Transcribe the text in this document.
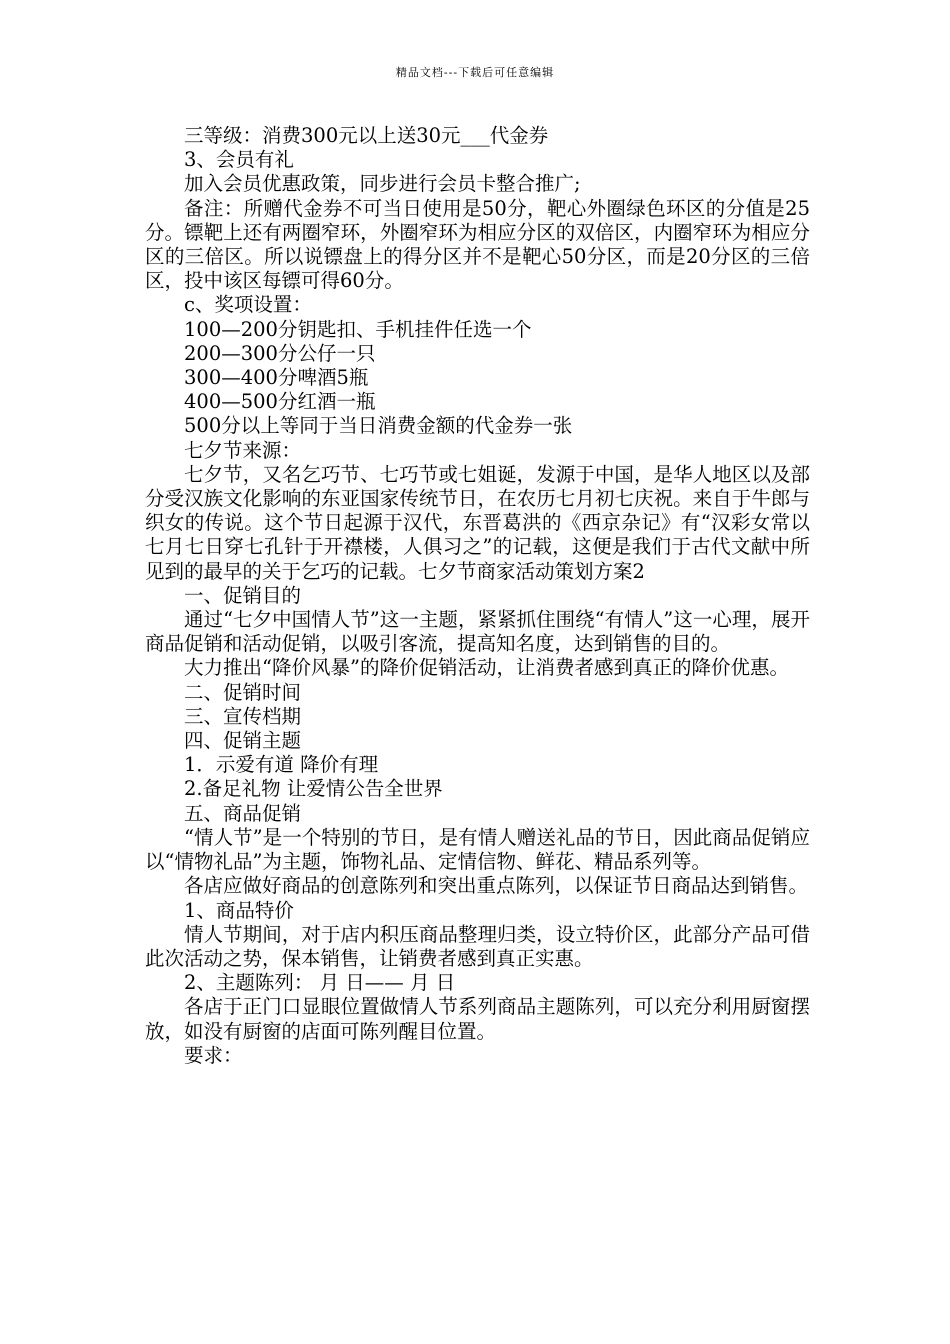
精品文档---下载后可任意编辑

三等级：消费300元以上送30元___代金券

3、会员有礼

加入会员优惠政策，同步进行会员卡整合推广;

备注：所赠代金券不可当日使用是50分，靶心外圈绿色环区的分值是25分。镖靶上还有两圈窄环，外圈窄环为相应分区的双倍区，内圈窄环为相应分区的三倍区。所以说镖盘上的得分区并不是靶心50分区，而是20分区的三倍区，投中该区每镖可得60分。

c、奖项设置：

100—200分钥匙扣、手机挂件任选一个

200—300分公仔一只

300—400分啤酒5瓶

400—500分红酒一瓶

500分以上等同于当日消费金额的代金券一张

七夕节来源：

七夕节，又名乞巧节、七巧节或七姐诞，发源于中国，是华人地区以及部分受汉族文化影响的东亚国家传统节日，在农历七月初七庆祝。来自于牛郎与织女的传说。这个节日起源于汉代，东晋葛洪的《西京杂记》有“汉彩女常以七月七日穿七孔针于开襟楼，人俱习之”的记载，这便是我们于古代文献中所见到的最早的关于乞巧的记载。七夕节商家活动策划方案2

一、促销目的

通过“七夕中国情人节”这一主题，紧紧抓住围绕“有情人”这一心理，展开商品促销和活动促销，以吸引客流，提高知名度，达到销售的目的。

大力推出“降价风暴”的降价促销活动，让消费者感到真正的降价优惠。

二、促销时间

三、宣传档期

四、促销主题

1．示爱有道 降价有理

2.备足礼物 让爱情公告全世界

五、商品促销

“情人节”是一个特别的节日，是有情人赠送礼品的节日，因此商品促销应以“情物礼品”为主题，饰物礼品、定情信物、鲜花、精品系列等。

各店应做好商品的创意陈列和突出重点陈列，以保证节日商品达到销售。

1、商品特价

情人节期间，对于店内积压商品整理归类，设立特价区，此部分产品可借此次活动之势，保本销售，让销费者感到真正实惠。

2、主题陈列： 月 日—— 月 日

各店于正门口显眼位置做情人节系列商品主题陈列，可以充分利用厨窗摆放，如没有厨窗的店面可陈列醒目位置。

要求：
